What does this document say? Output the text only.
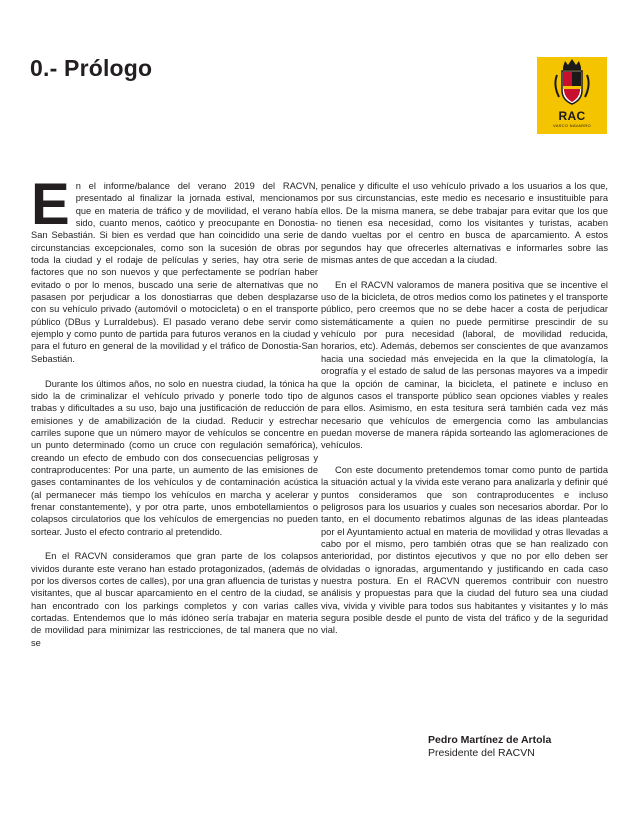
0.- Prólogo
RAC
VASCO NAVARRO

En el informe/balance del verano 2019 del RACVN, presentado al finalizar la jornada estival, mencionamos que en materia de tráfico y de movilidad, el verano había sido, cuanto menos, caótico y preocupante en Donostia-San Sebastián. Si bien es verdad que han coincidido una serie de circunstancias excepcionales, como son la sucesión de obras por toda la ciudad y el rodaje de películas y series, hay otra serie de factores que no son nuevos y que perfectamente se podrían haber evitado o por lo menos, buscado una serie de alternativas que no pasasen por perjudicar a los donostiarras que deben desplazarse con su vehículo privado (automóvil o motocicleta) o en el transporte público (DBus y Lurraldebus). El pasado verano debe servir como ejemplo y como punto de partida para futuros veranos en la ciudad y para el futuro en general de la movilidad y el tráfico de Donostia-San Sebastián.

Durante los últimos años, no solo en nuestra ciudad, la tónica ha sido la de criminalizar el vehículo privado y ponerle todo tipo de trabas y dificultades a su uso, bajo una justificación de reducción de emisiones y de amabilización de la ciudad. Reducir y estrechar carriles supone que un número mayor de vehículos se concentre en un punto determinado (como un cruce con regulación semafórica), creando un efecto de embudo con dos consecuencias peligrosas y contraproducentes: Por una parte, un aumento de las emisiones de gases contaminantes de los vehículos y de contaminación acústica (al permanecer más tiempo los vehículos en marcha y acelerar y frenar constantemente), y por otra parte, unos embotellamientos o colapsos circulatorios que los vehículos de emergencias no pueden sortear. Justo el efecto contrario al pretendido.

En el RACVN consideramos que gran parte de los colapsos vividos durante este verano han estado protagonizados, (además de por los diversos cortes de calles), por una gran afluencia de turistas y visitantes, que al buscar aparcamiento en el centro de la ciudad, se han encontrado con los parkings completos y con varias calles cortadas. Entendemos que lo más idóneo sería trabajar en materia de movilidad para minimizar las restricciones, de tal manera que no se

penalice y dificulte el uso vehículo privado a los usuarios a los que, por sus circunstancias, este medio es necesario e insustituible para ellos. De la misma manera, se debe trabajar para evitar que los que no tienen esa necesidad, como los visitantes y turistas, acaben dando vueltas por el centro en busca de aparcamiento. A estos segundos hay que ofrecerles alternativas e informarles sobre las mismas antes de que accedan a la ciudad.

En el RACVN valoramos de manera positiva que se incentive el uso de la bicicleta, de otros medios como los patinetes y el transporte público, pero creemos que no se debe hacer a costa de perjudicar sistemáticamente a quien no puede permitirse prescindir de su vehículo por pura necesidad (laboral, de movilidad reducida, horarios, etc). Además, debemos ser conscientes de que avanzamos hacia una sociedad más envejecida en la que la climatología, la orografía y el estado de salud de las personas mayores va a impedir que la opción de caminar, la bicicleta, el patinete e incluso en algunos casos el transporte público sean opciones viables y reales para ellos. Asimismo, en esta tesitura será también cada vez más necesario que vehículos de emergencia como las ambulancias puedan moverse de manera rápida sorteando las aglomeraciones de vehículos.

Con este documento pretendemos tomar como punto de partida la situación actual y la vivida este verano para analizarla y definir qué puntos consideramos que son contraproducentes e incluso peligrosos para los usuarios y cuales son necesarios abordar. Por lo tanto, en el documento rebatimos algunas de las ideas planteadas por el Ayuntamiento actual en materia de movilidad y otras llevadas a cabo por el mismo, pero también otras que se han realizado con anterioridad, por distintos ejecutivos y que no por ello deben ser olvidadas o ignoradas, argumentando y justificando en cada caso nuestra postura. En el RACVN queremos contribuir con nuestro análisis y propuestas para que la ciudad del futuro sea una ciudad viva, vivida y vivible para todos sus habitantes y visitantes y lo más segura posible desde el punto de vista del tráfico y de la seguridad vial.

Pedro Martínez de Artola
Presidente del RACVN
